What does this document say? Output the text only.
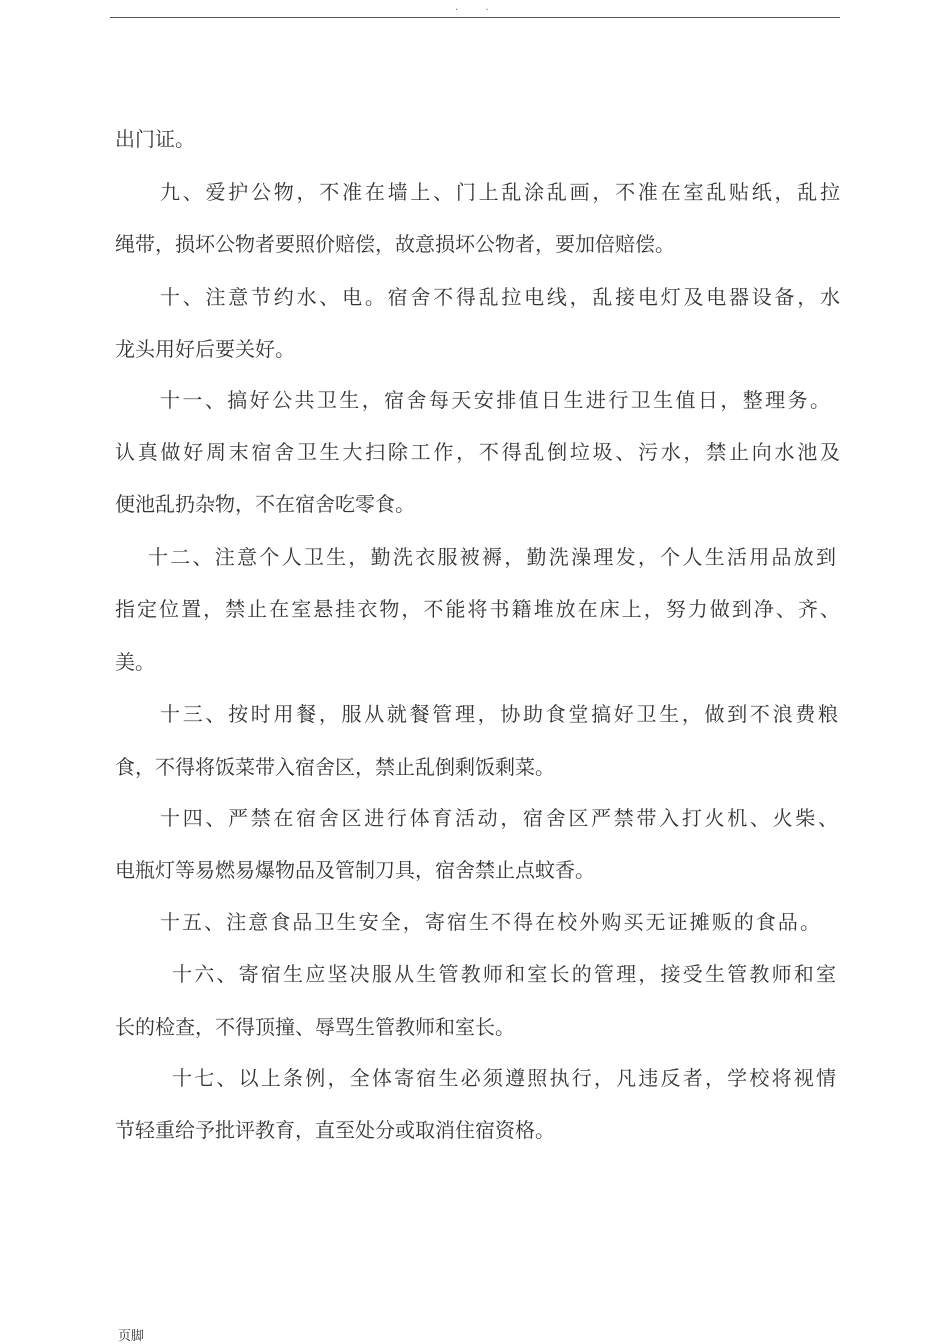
. .
出门证。
九、爱护公物，不准在墙上、门上乱涂乱画，不准在室乱贴纸，乱拉
绳带，损坏公物者要照价赔偿，故意损坏公物者，要加倍赔偿。
十、注意节约水、电。宿舍不得乱拉电线，乱接电灯及电器设备，水
龙头用好后要关好。
十一、搞好公共卫生，宿舍每天安排值日生进行卫生值日，整理务。
认真做好周末宿舍卫生大扫除工作，不得乱倒垃圾、污水，禁止向水池及
便池乱扔杂物，不在宿舍吃零食。
十二、注意个人卫生，勤洗衣服被褥，勤洗澡理发，个人生活用品放到
指定位置，禁止在室悬挂衣物，不能将书籍堆放在床上，努力做到净、齐、
美。
十三、按时用餐，服从就餐管理，协助食堂搞好卫生，做到不浪费粮
食，不得将饭菜带入宿舍区，禁止乱倒剩饭剩菜。
十四、严禁在宿舍区进行体育活动，宿舍区严禁带入打火机、火柴、
电瓶灯等易燃易爆物品及管制刀具，宿舍禁止点蚊香。
十五、注意食品卫生安全，寄宿生不得在校外购买无证摊贩的食品。
十六、寄宿生应坚决服从生管教师和室长的管理，接受生管教师和室
长的检查，不得顶撞、辱骂生管教师和室长。
十七、以上条例，全体寄宿生必须遵照执行，凡违反者，学校将视情
节轻重给予批评教育，直至处分或取消住宿资格。
页脚
